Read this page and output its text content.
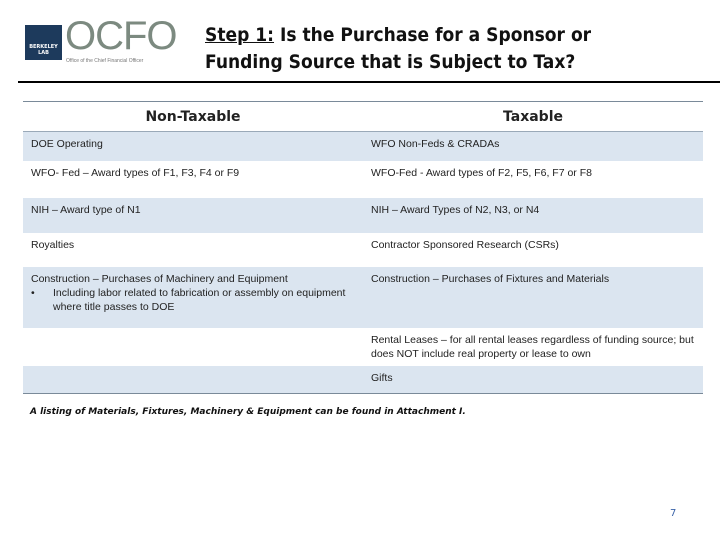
BERKELEY LAB OCFO
Office of the Chief Financial Officer
Step 1: Is the Purchase for a Sponsor or
Funding Source that is Subject to Tax?
Non-Taxable	Taxable
DOE Operating	WFO Non-Feds & CRADAs
WFO- Fed – Award types of F1, F3, F4 or F9	WFO-Fed - Award types of F2, F5, F6, F7 or F8
NIH – Award type of N1	NIH – Award Types of N2, N3, or N4
Royalties	Contractor Sponsored Research (CSRs)

Construction – Purchases of Machinery and Equipment
• Including labor related to fabrication or assembly on equipment where title passes to DOE	Construction – Purchases of Fixtures and Materials
	Rental Leases – for all rental leases regardless of funding source; but does NOT include real property or lease to own
	Gifts
A listing of Materials, Fixtures, Machinery & Equipment can be found in Attachment I.
7
